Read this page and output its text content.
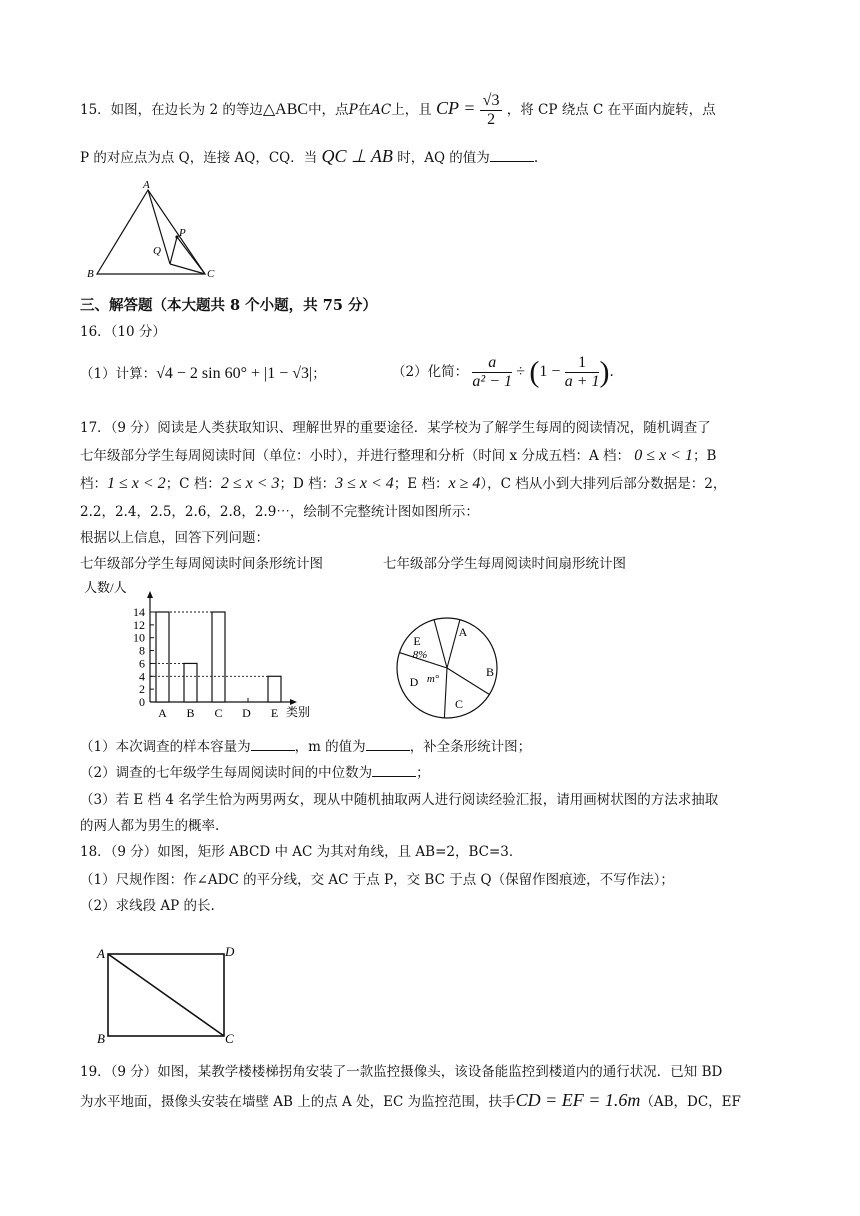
15．如图，在边长为 2 的等边△ABC中，点P在AC上，且 CP = $\frac{√3}{2}$ ，将 CP 绕点 C 在平面内旋转，点
P 的对应点为点 Q，连接 AQ，CQ．当 QC ⊥ AB 时，AQ 的值为	.
A
B	C
P
Q
三、解答题（本大题共 8 个小题，共 75 分）
16．（10 分）
（1）计算：√4 − 2 sin 60° + |1 − √3|；	（2）化简： $\frac{a}{\text{a² − 1}} \div (1 - \frac{1}{a + 1}$ ).
17．（9 分）阅读是人类获取知识、理解世界的重要途径．某学校为了解学生每周的阅读情况，随机调查了
七年级部分学生每周阅读时间（单位：小时），并进行整理和分析（时间 x 分成五档：A 档： 0 ≤ x < 1；B
档：1 ≤ x < 2；C 档：2 ≤ x < 3；D 档：3 ≤ x < 4；E 档：x ≥ 4），C 档从小到大排列后部分数据是：2，
2.2，2.4，2.5，2.6，2.8，2.9⋯，绘制不完整统计图如图所示：
根据以上信息，回答下列问题：
七年级部分学生每周阅读时间条形统计图	七年级部分学生每周阅读时间扇形统计图
人数/人
类别
0
2
4
6
8
10
12
14
A B C D E
A
B
C
D
E
8%
m°
（1）本次调查的样本容量为	，m 的值为	，补全条形统计图；
（2）调查的七年级学生每周阅读时间的中位数为	；
（3）若 E 档 4 名学生恰为两男两女，现从中随机抽取两人进行阅读经验汇报，请用画树状图的方法求抽取
的两人都为男生的概率.
18．（9 分）如图，矩形 ABCD 中 AC 为其对角线，且 AB=2，BC=3．
（1）尺规作图：作∠ADC 的平分线，交 AC 于点 P，交 BC 于点 Q（保留作图痕迹，不写作法）；
（2）求线段 AP 的长.
A	D
B	C
19．（9 分）如图，某教学楼楼梯拐角安装了一款监控摄像头，该设备能监控到楼道内的通行状况．已知 BD
为水平地面，摄像头安装在墙壁 AB 上的点 A 处，EC 为监控范围，扶手CD = EF = 1.6m（AB，DC，EF
